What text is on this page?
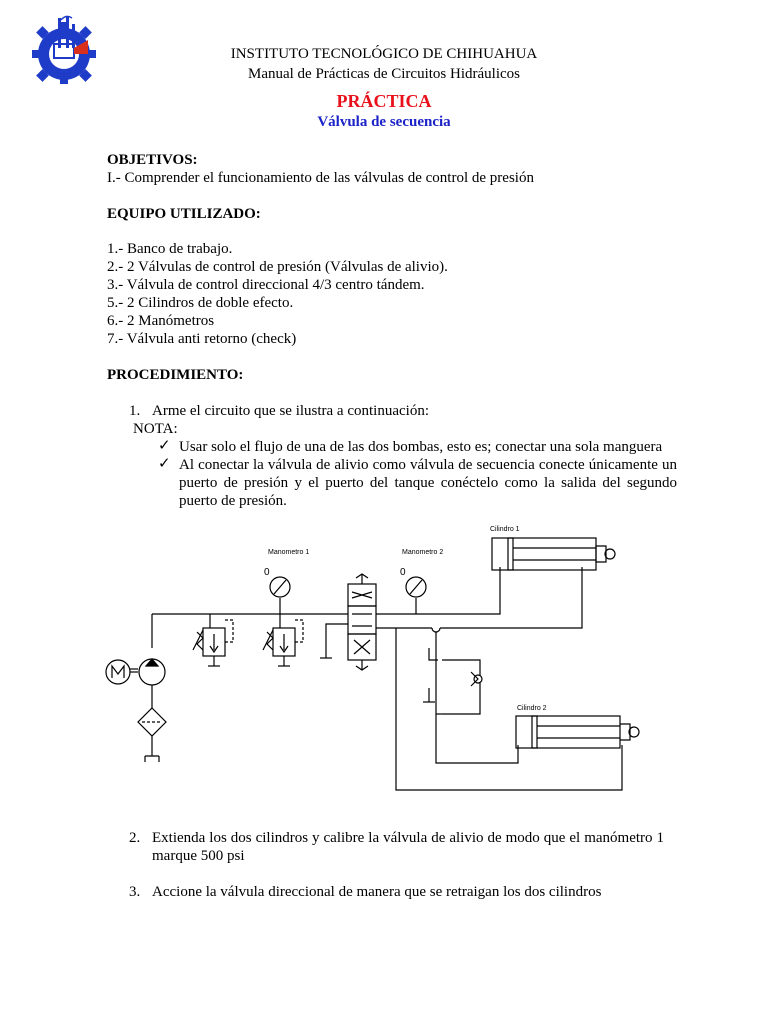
INSTITUTO TECNOLÓGICO DE CHIHUAHUA
Manual de Prácticas de Circuitos Hidráulicos
PRÁCTICA
Válvula de secuencia
OBJETIVOS:
I.- Comprender el funcionamiento de las válvulas de control de presión
EQUIPO UTILIZADO:
1.- Banco de trabajo.
2.- 2 Válvulas de control de presión (Válvulas de alivio).
3.- Válvula de control direccional 4/3 centro tándem.
5.- 2 Cilindros de doble efecto.
6.- 2 Manómetros
7.- Válvula anti retorno (check)
PROCEDIMIENTO:
1. Arme el circuito que se ilustra a continuación:
NOTA:
✓ Usar solo el flujo de una de las dos bombas, esto es; conectar una sola manguera
✓ Al conectar la válvula de alivio como válvula de secuencia conecte únicamente un puerto de presión y el puerto del tanque conéctelo como la salida del segundo puerto de presión.
Cilindro 1
Cilindro 2
Manometro 1	Manometro 2
0	0
2. Extienda los dos cilindros y calibre la válvula de alivio de modo que el manómetro 1 marque 500 psi
3. Accione la válvula direccional de manera que se retraigan los dos cilindros
